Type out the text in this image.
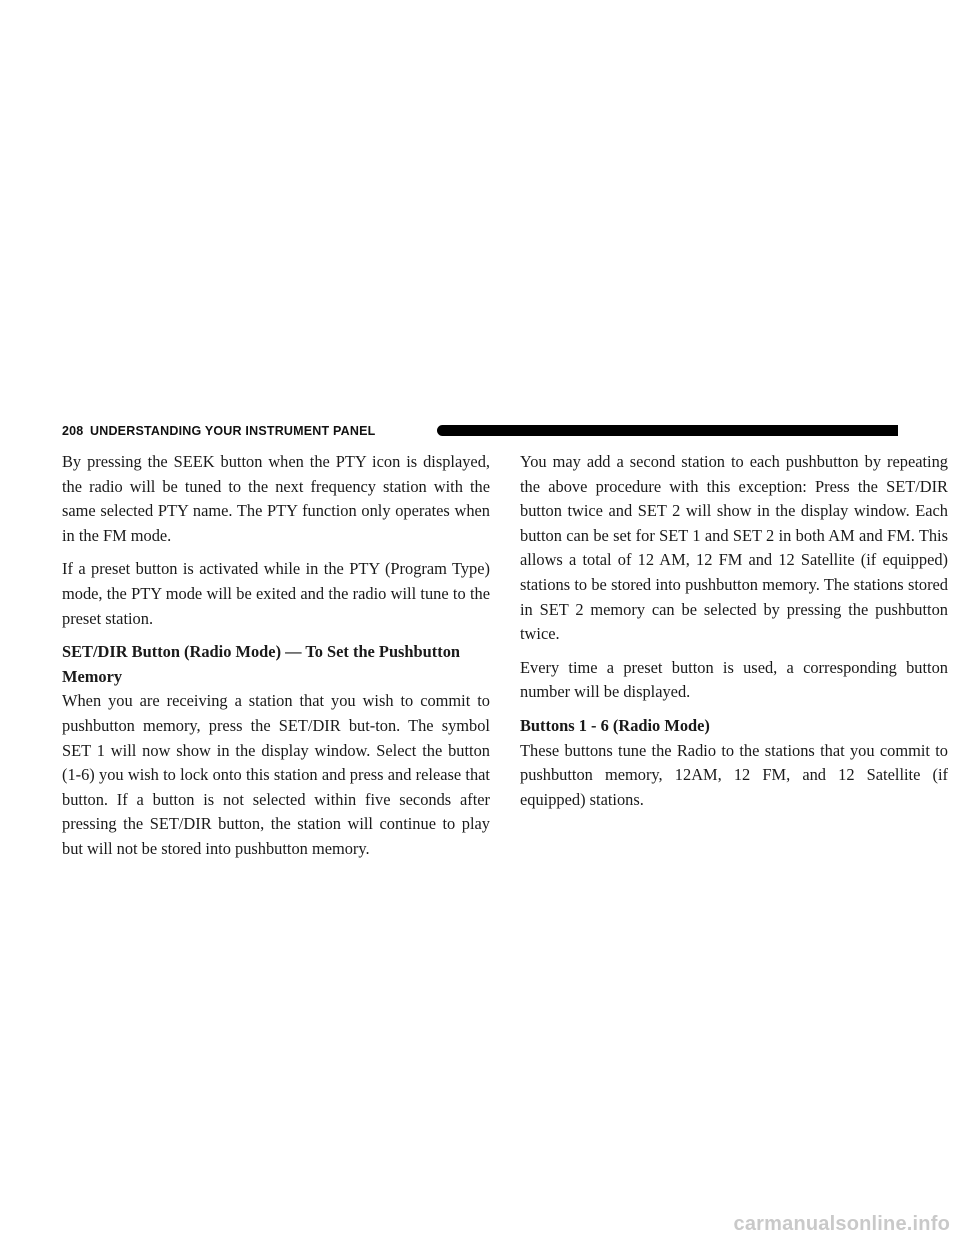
208 UNDERSTANDING YOUR INSTRUMENT PANEL

By pressing the SEEK button when the PTY icon is displayed, the radio will be tuned to the next frequency station with the same selected PTY name. The PTY function only operates when in the FM mode.

If a preset button is activated while in the PTY (Program Type) mode, the PTY mode will be exited and the radio will tune to the preset station.

SET/DIR Button (Radio Mode) — To Set the Pushbutton Memory

When you are receiving a station that you wish to commit to pushbutton memory, press the SET/DIR but-ton. The symbol SET 1 will now show in the display window. Select the button (1-6) you wish to lock onto this station and press and release that button. If a button is not selected within five seconds after pressing the SET/DIR button, the station will continue to play but will not be stored into pushbutton memory.

You may add a second station to each pushbutton by repeating the above procedure with this exception: Press the SET/DIR button twice and SET 2 will show in the display window. Each button can be set for SET 1 and SET 2 in both AM and FM. This allows a total of 12 AM, 12 FM and 12 Satellite (if equipped) stations to be stored into pushbutton memory. The stations stored in SET 2 memory can be selected by pressing the pushbutton twice.

Every time a preset button is used, a corresponding button number will be displayed.

Buttons 1 - 6 (Radio Mode)

These buttons tune the Radio to the stations that you commit to pushbutton memory, 12AM, 12 FM, and 12 Satellite (if equipped) stations.

carmanualsonline.info
